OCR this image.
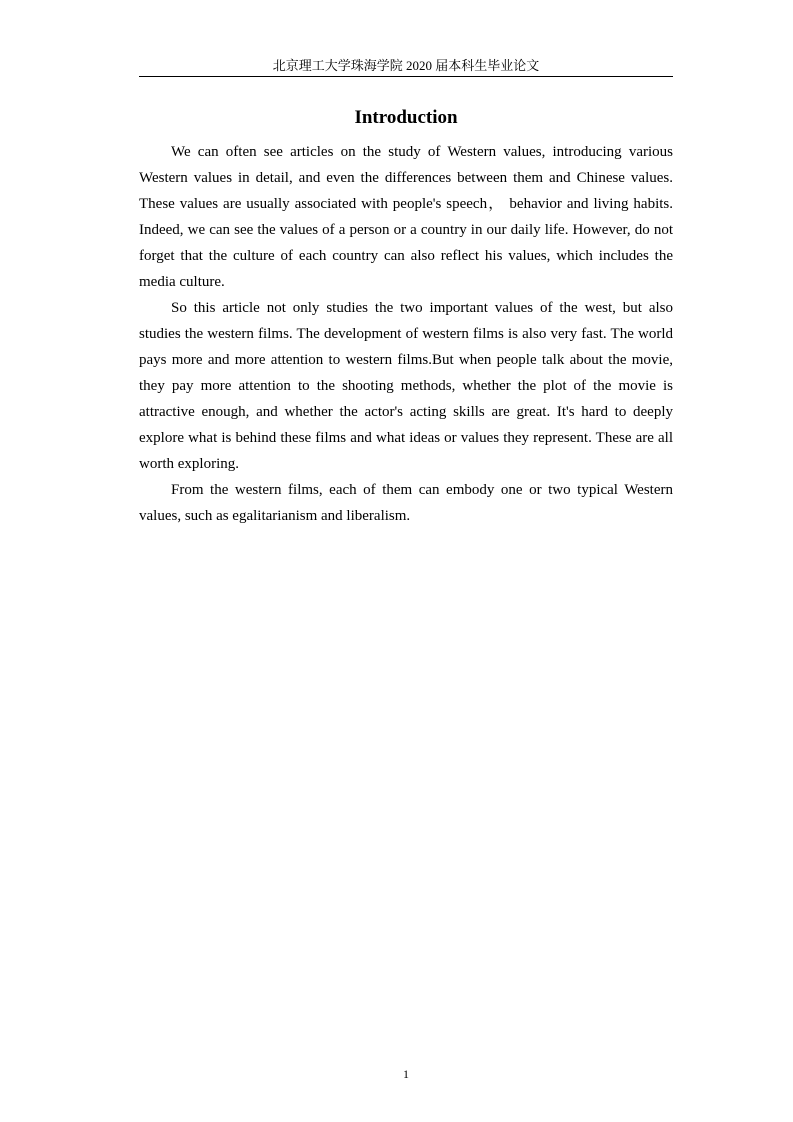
北京理工大学珠海学院 2020 届本科生毕业论文
Introduction

We can often see articles on the study of Western values, introducing various Western values in detail, and even the differences between them and Chinese values. These values are usually associated with people's speech， behavior and living habits. Indeed, we can see the values of a person or a country in our daily life. However, do not forget that the culture of each country can also reflect his values, which includes the media culture.

So this article not only studies the two important values of the west, but also studies the western films. The development of western films is also very fast. The world pays more and more attention to western films.But when people talk about the movie, they pay more attention to the shooting methods, whether the plot of the movie is attractive enough, and whether the actor's acting skills are great. It's hard to deeply explore what is behind these films and what ideas or values they represent. These are all worth exploring.

From the western films, each of them can embody one or two typical Western values, such as egalitarianism and liberalism.

1
